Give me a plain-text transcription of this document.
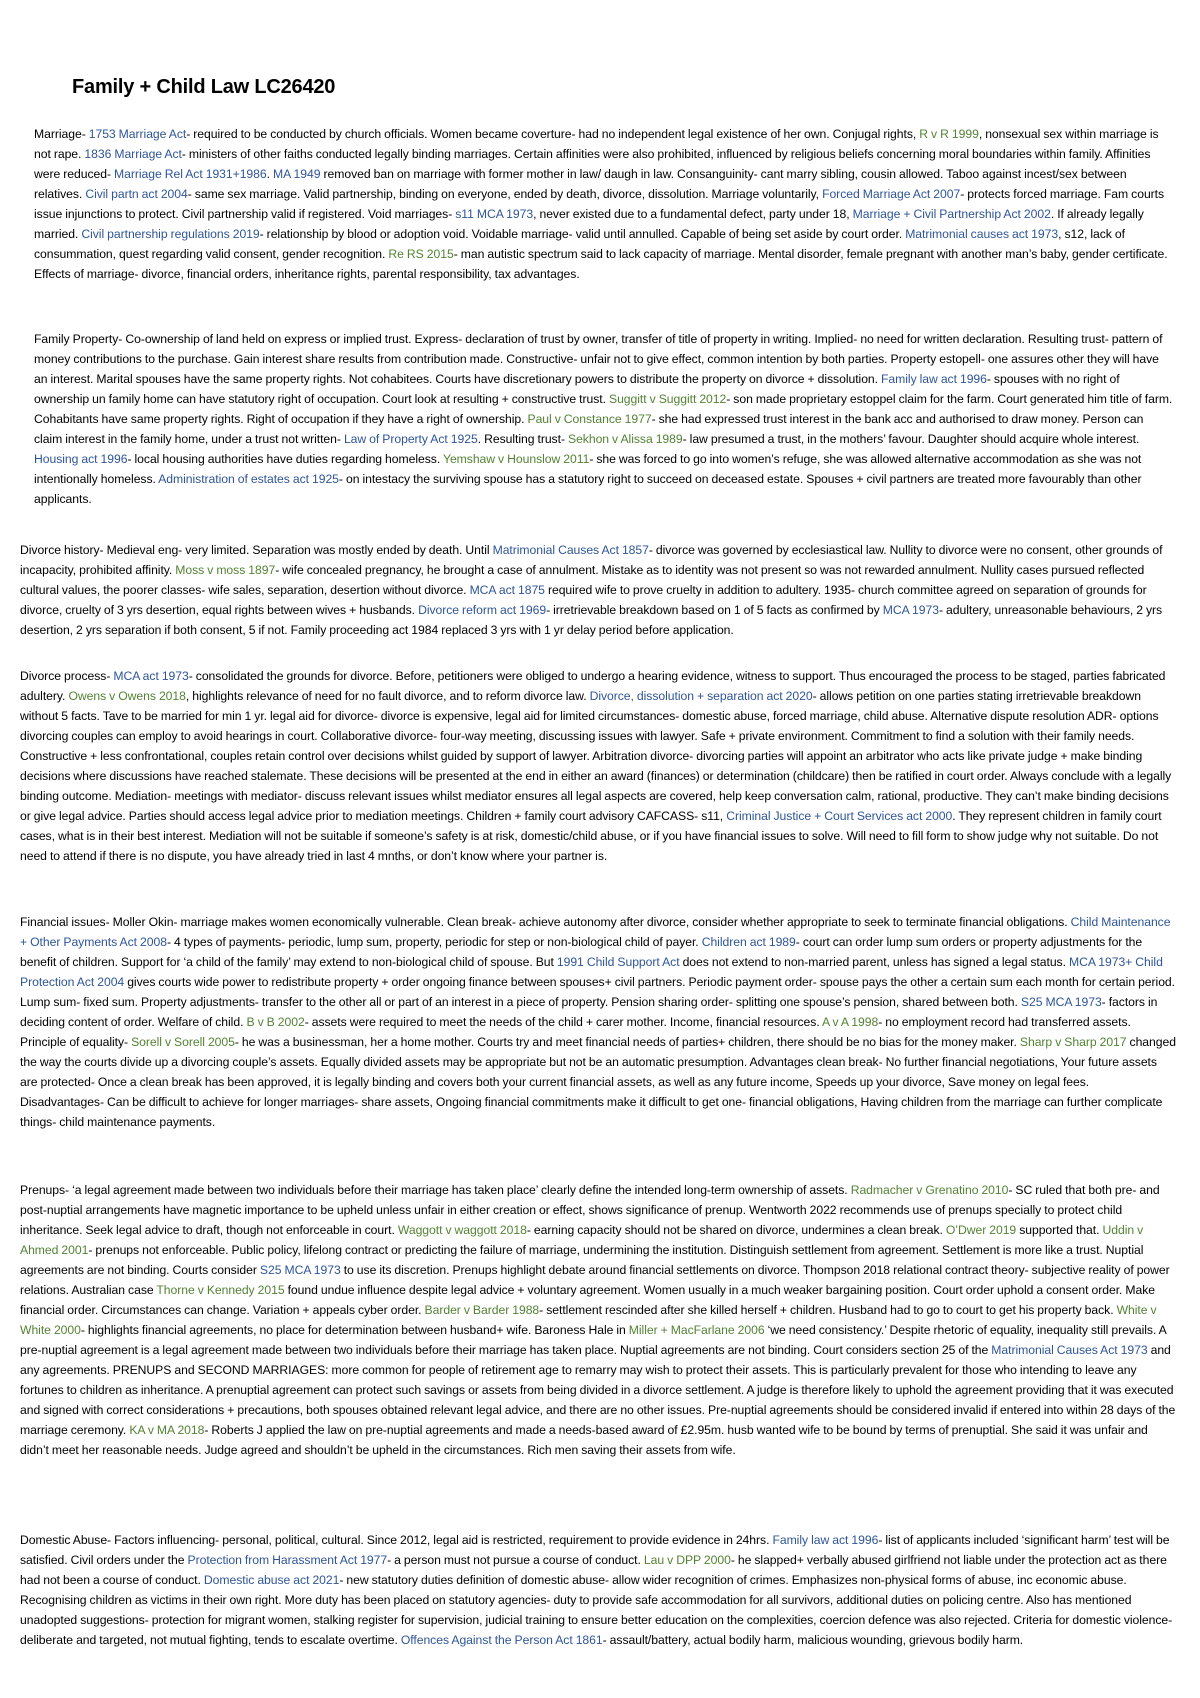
Family + Child Law LC26420
Marriage- 1753 Marriage Act- required to be conducted by church officials. Women became coverture- had no independent legal existence of her own. Conjugal rights, R v R 1999, nonsexual sex within marriage is not rape. 1836 Marriage Act- ministers of other faiths conducted legally binding marriages. Certain affinities were also prohibited, influenced by religious beliefs concerning moral boundaries within family. Affinities were reduced- Marriage Rel Act 1931+1986. MA 1949 removed ban on marriage with former mother in law/ daugh in law. Consanguinity- cant marry sibling, cousin allowed. Taboo against incest/sex between relatives. Civil partn act 2004- same sex marriage. Valid partnership, binding on everyone, ended by death, divorce, dissolution. Marriage voluntarily, Forced Marriage Act 2007- protects forced marriage. Fam courts issue injunctions to protect. Civil partnership valid if registered. Void marriages- s11 MCA 1973, never existed due to a fundamental defect, party under 18, Marriage + Civil Partnership Act 2002. If already legally married. Civil partnership regulations 2019- relationship by blood or adoption void. Voidable marriage- valid until annulled. Capable of being set aside by court order. Matrimonial causes act 1973, s12, lack of consummation, quest regarding valid consent, gender recognition. Re RS 2015- man autistic spectrum said to lack capacity of marriage. Mental disorder, female pregnant with another man’s baby, gender certificate. Effects of marriage- divorce, financial orders, inheritance rights, parental responsibility, tax advantages.
Family Property- Co-ownership of land held on express or implied trust. Express- declaration of trust by owner, transfer of title of property in writing. Implied- no need for written declaration. Resulting trust- pattern of money contributions to the purchase. Gain interest share results from contribution made. Constructive- unfair not to give effect, common intention by both parties. Property estopell- one assures other they will have an interest. Marital spouses have the same property rights. Not cohabitees. Courts have discretionary powers to distribute the property on divorce + dissolution. Family law act 1996- spouses with no right of ownership un family home can have statutory right of occupation. Court look at resulting + constructive trust. Suggitt v Suggitt 2012- son made proprietary estoppel claim for the farm. Court generated him title of farm. Cohabitants have same property rights. Right of occupation if they have a right of ownership. Paul v Constance 1977- she had expressed trust interest in the bank acc and authorised to draw money. Person can claim interest in the family home, under a trust not written- Law of Property Act 1925. Resulting trust- Sekhon v Alissa 1989- law presumed a trust, in the mothers’ favour. Daughter should acquire whole interest. Housing act 1996- local housing authorities have duties regarding homeless. Yemshaw v Hounslow 2011- she was forced to go into women’s refuge, she was allowed alternative accommodation as she was not intentionally homeless. Administration of estates act 1925- on intestacy the surviving spouse has a statutory right to succeed on deceased estate. Spouses + civil partners are treated more favourably than other applicants.
Divorce history- Medieval eng- very limited. Separation was mostly ended by death. Until Matrimonial Causes Act 1857- divorce was governed by ecclesiastical law. Nullity to divorce were no consent, other grounds of incapacity, prohibited affinity. Moss v moss 1897- wife concealed pregnancy, he brought a case of annulment. Mistake as to identity was not present so was not rewarded annulment. Nullity cases pursued reflected cultural values, the poorer classes- wife sales, separation, desertion without divorce. MCA act 1875 required wife to prove cruelty in addition to adultery. 1935- church committee agreed on separation of grounds for divorce, cruelty of 3 yrs desertion, equal rights between wives + husbands. Divorce reform act 1969- irretrievable breakdown based on 1 of 5 facts as confirmed by MCA 1973- adultery, unreasonable behaviours, 2 yrs desertion, 2 yrs separation if both consent, 5 if not. Family proceeding act 1984 replaced 3 yrs with 1 yr delay period before application.
Divorce process- MCA act 1973- consolidated the grounds for divorce. Before, petitioners were obliged to undergo a hearing evidence, witness to support. Thus encouraged the process to be staged, parties fabricated adultery. Owens v Owens 2018, highlights relevance of need for no fault divorce, and to reform divorce law. Divorce, dissolution + separation act 2020- allows petition on one parties stating irretrievable breakdown without 5 facts. Tave to be married for min 1 yr. legal aid for divorce- divorce is expensive, legal aid for limited circumstances- domestic abuse, forced marriage, child abuse. Alternative dispute resolution ADR- options divorcing couples can employ to avoid hearings in court. Collaborative divorce- four-way meeting, discussing issues with lawyer. Safe + private environment. Commitment to find a solution with their family needs. Constructive + less confrontational, couples retain control over decisions whilst guided by support of lawyer. Arbitration divorce- divorcing parties will appoint an arbitrator who acts like private judge + make binding decisions where discussions have reached stalemate. These decisions will be presented at the end in either an award (finances) or determination (childcare) then be ratified in court order. Always conclude with a legally binding outcome. Mediation- meetings with mediator- discuss relevant issues whilst mediator ensures all legal aspects are covered, help keep conversation calm, rational, productive. They can’t make binding decisions or give legal advice. Parties should access legal advice prior to mediation meetings. Children + family court advisory CAFCASS- s11, Criminal Justice + Court Services act 2000. They represent children in family court cases, what is in their best interest. Mediation will not be suitable if someone’s safety is at risk, domestic/child abuse, or if you have financial issues to solve. Will need to fill form to show judge why not suitable. Do not need to attend if there is no dispute, you have already tried in last 4 mnths, or don’t know where your partner is.
Financial issues- Moller Okin- marriage makes women economically vulnerable. Clean break- achieve autonomy after divorce, consider whether appropriate to seek to terminate financial obligations. Child Maintenance + Other Payments Act 2008- 4 types of payments- periodic, lump sum, property, periodic for step or non-biological child of payer. Children act 1989- court can order lump sum orders or property adjustments for the benefit of children. Support for ‘a child of the family’ may extend to non-biological child of spouse. But 1991 Child Support Act does not extend to non-married parent, unless has signed a legal status. MCA 1973+ Child Protection Act 2004 gives courts wide power to redistribute property + order ongoing finance between spouses+ civil partners. Periodic payment order- spouse pays the other a certain sum each month for certain period. Lump sum- fixed sum. Property adjustments- transfer to the other all or part of an interest in a piece of property. Pension sharing order- splitting one spouse’s pension, shared between both. S25 MCA 1973- factors in deciding content of order. Welfare of child. B v B 2002- assets were required to meet the needs of the child + carer mother. Income, financial resources. A v A 1998- no employment record had transferred assets. Principle of equality- Sorell v Sorell 2005- he was a businessman, her a home mother. Courts try and meet financial needs of parties+ children, there should be no bias for the money maker. Sharp v Sharp 2017 changed the way the courts divide up a divorcing couple’s assets. Equally divided assets may be appropriate but not be an automatic presumption. Advantages clean break- No further financial negotiations, Your future assets are protected- Once a clean break has been approved, it is legally binding and covers both your current financial assets, as well as any future income, Speeds up your divorce, Save money on legal fees. Disadvantages- Can be difficult to achieve for longer marriages- share assets, Ongoing financial commitments make it difficult to get one- financial obligations, Having children from the marriage can further complicate things- child maintenance payments.
Prenups- ‘a legal agreement made between two individuals before their marriage has taken place’ clearly define the intended long-term ownership of assets. Radmacher v Grenatino 2010- SC ruled that both pre- and post-nuptial arrangements have magnetic importance to be upheld unless unfair in either creation or effect, shows significance of prenup. Wentworth 2022 recommends use of prenups specially to protect child inheritance. Seek legal advice to draft, though not enforceable in court. Waggott v waggott 2018- earning capacity should not be shared on divorce, undermines a clean break. O’Dwer 2019 supported that. Uddin v Ahmed 2001- prenups not enforceable. Public policy, lifelong contract or predicting the failure of marriage, undermining the institution. Distinguish settlement from agreement. Settlement is more like a trust. Nuptial agreements are not binding. Courts consider S25 MCA 1973 to use its discretion. Prenups highlight debate around financial settlements on divorce. Thompson 2018 relational contract theory- subjective reality of power relations. Australian case Thorne v Kennedy 2015 found undue influence despite legal advice + voluntary agreement. Women usually in a much weaker bargaining position. Court order uphold a consent order. Make financial order. Circumstances can change. Variation + appeals cyber order. Barder v Barder 1988- settlement rescinded after she killed herself + children. Husband had to go to court to get his property back. White v White 2000- highlights financial agreements, no place for determination between husband+ wife. Baroness Hale in Miller + MacFarlane 2006 ‘we need consistency.’ Despite rhetoric of equality, inequality still prevails. A pre-nuptial agreement is a legal agreement made between two individuals before their marriage has taken place. Nuptial agreements are not binding. Court considers section 25 of the Matrimonial Causes Act 1973 and any agreements. PRENUPS and SECOND MARRIAGES: more common for people of retirement age to remarry may wish to protect their assets. This is particularly prevalent for those who intending to leave any fortunes to children as inheritance. A prenuptial agreement can protect such savings or assets from being divided in a divorce settlement. A judge is therefore likely to uphold the agreement providing that it was executed and signed with correct considerations + precautions, both spouses obtained relevant legal advice, and there are no other issues. Pre-nuptial agreements should be considered invalid if entered into within 28 days of the marriage ceremony. KA v MA 2018- Roberts J applied the law on pre-nuptial agreements and made a needs-based award of £2.95m. husb wanted wife to be bound by terms of prenuptial. She said it was unfair and didn’t meet her reasonable needs. Judge agreed and shouldn’t be upheld in the circumstances. Rich men saving their assets from wife.
Domestic Abuse- Factors influencing- personal, political, cultural. Since 2012, legal aid is restricted, requirement to provide evidence in 24hrs. Family law act 1996- list of applicants included ‘significant harm’ test will be satisfied. Civil orders under the Protection from Harassment Act 1977- a person must not pursue a course of conduct. Lau v DPP 2000- he slapped+ verbally abused girlfriend not liable under the protection act as there had not been a course of conduct. Domestic abuse act 2021- new statutory duties definition of domestic abuse- allow wider recognition of crimes. Emphasizes non-physical forms of abuse, inc economic abuse. Recognising children as victims in their own right. More duty has been placed on statutory agencies- duty to provide safe accommodation for all survivors, additional duties on policing centre. Also has mentioned unadopted suggestions- protection for migrant women, stalking register for supervision, judicial training to ensure better education on the complexities, coercion defence was also rejected. Criteria for domestic violence- deliberate and targeted, not mutual fighting, tends to escalate overtime. Offences Against the Person Act 1861- assault/battery, actual bodily harm, malicious wounding, grievous bodily harm.
